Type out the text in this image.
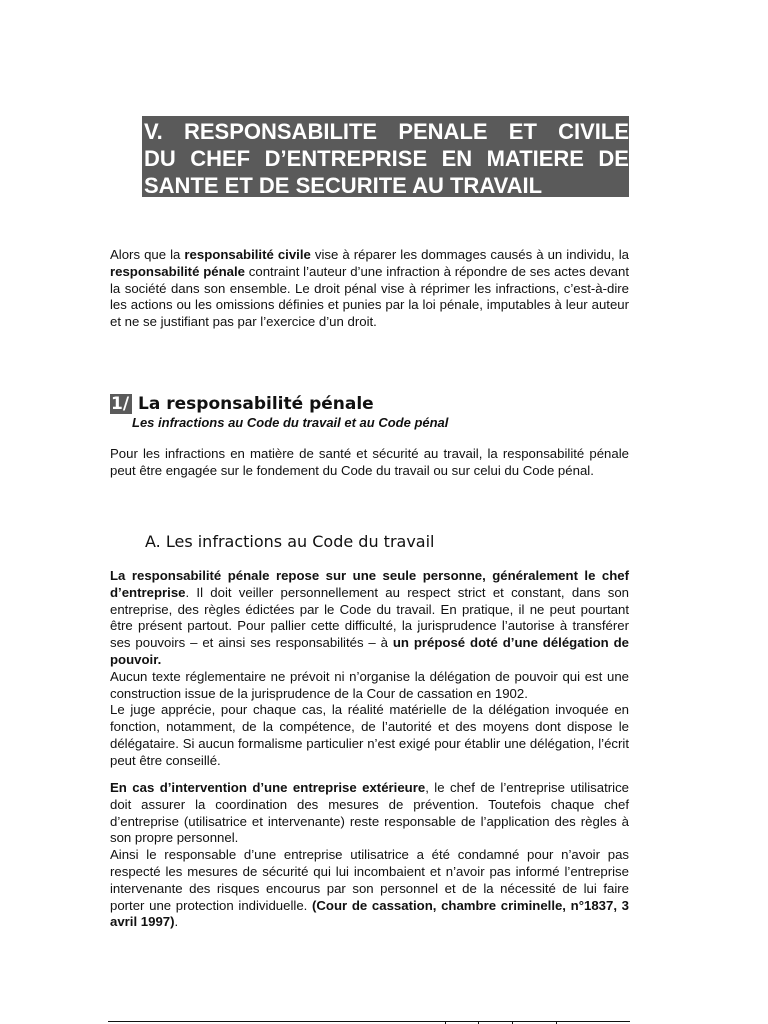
V. RESPONSABILITE PENALE ET CIVILE
DU CHEF D’ENTREPRISE EN MATIERE DE
SANTE ET DE SECURITE AU TRAVAIL

Alors que la responsabilité civile vise à réparer les dommages causés à un individu, la responsabilité pénale contraint l’auteur d’une infraction à répondre de ses actes devant la société dans son ensemble. Le droit pénal vise à réprimer les infractions, c’est-à-dire les actions ou les omissions définies et punies par la loi pénale, imputables à leur auteur et ne se justifiant pas par l’exercice d’un droit.

1/ La responsabilité pénale
Les infractions au Code du travail et au Code pénal

Pour les infractions en matière de santé et sécurité au travail, la responsabilité pénale peut être engagée sur le fondement du Code du travail ou sur celui du Code pénal.

A. Les infractions au Code du travail

La responsabilité pénale repose sur une seule personne, généralement le chef d’entreprise. Il doit veiller personnellement au respect strict et constant, dans son entreprise, des règles édictées par le Code du travail. En pratique, il ne peut pourtant être présent partout. Pour pallier cette difficulté, la jurisprudence l’autorise à transférer ses pouvoirs – et ainsi ses responsabilités – à un préposé doté d’une délégation de pouvoir.
Aucun texte réglementaire ne prévoit ni n’organise la délégation de pouvoir qui est une construction issue de la jurisprudence de la Cour de cassation en 1902.
Le juge apprécie, pour chaque cas, la réalité matérielle de la délégation invoquée en fonction, notamment, de la compétence, de l’autorité et des moyens dont dispose le délégataire. Si aucun formalisme particulier n’est exigé pour établir une délégation, l’écrit peut être conseillé.

En cas d’intervention d’une entreprise extérieure, le chef de l’entreprise utilisatrice doit assurer la coordination des mesures de prévention. Toutefois chaque chef d’entreprise (utilisatrice et intervenante) reste responsable de l’application des règles à son propre personnel.
Ainsi le responsable d’une entreprise utilisatrice a été condamné pour n’avoir pas respecté les mesures de sécurité qui lui incombaient et n’avoir pas informé l’entreprise intervenante des risques encourus par son personnel et de la nécessité de lui faire porter une protection individuelle. (Cour de cassation, chambre criminelle, n°1837, 3 avril 1997).
